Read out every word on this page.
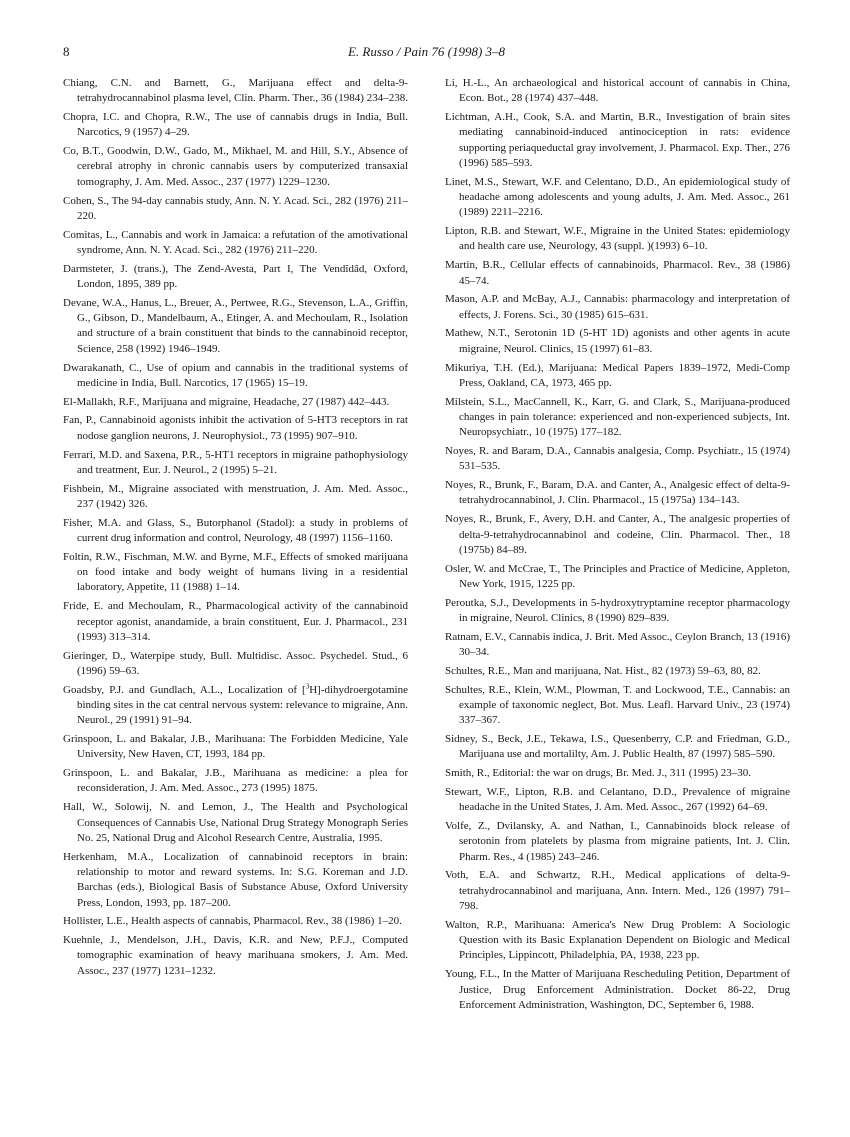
8	E. Russo / Pain 76 (1998) 3–8

Chiang, C.N. and Barnett, G., Marijuana effect and delta-9-tetrahydrocannabinol plasma level, Clin. Pharm. Ther., 36 (1984) 234–238.

Chopra, I.C. and Chopra, R.W., The use of cannabis drugs in India, Bull. Narcotics, 9 (1957) 4–29.

Co, B.T., Goodwin, D.W., Gado, M., Mikhael, M. and Hill, S.Y., Absence of cerebral atrophy in chronic cannabis users by computerized transaxial tomography, J. Am. Med. Assoc., 237 (1977) 1229–1230.

Cohen, S., The 94-day cannabis study, Ann. N. Y. Acad. Sci., 282 (1976) 211–220.

Comitas, L., Cannabis and work in Jamaica: a refutation of the amotivational syndrome, Ann. N. Y. Acad. Sci., 282 (1976) 211–220.

Darmsteter, J. (trans.), The Zend-Avesta, Part I, The Vendîdâd, Oxford, London, 1895, 389 pp.

Devane, W.A., Hanus, L., Breuer, A., Pertwee, R.G., Stevenson, L.A., Griffin, G., Gibson, D., Mandelbaum, A., Etinger, A. and Mechoulam, R., Isolation and structure of a brain constituent that binds to the cannabinoid receptor, Science, 258 (1992) 1946–1949.

Dwarakanath, C., Use of opium and cannabis in the traditional systems of medicine in India, Bull. Narcotics, 17 (1965) 15–19.

El-Mallakh, R.F., Marijuana and migraine, Headache, 27 (1987) 442–443.

Fan, P., Cannabinoid agonists inhibit the activation of 5-HT3 receptors in rat nodose ganglion neurons, J. Neurophysiol., 73 (1995) 907–910.

Ferrari, M.D. and Saxena, P.R., 5-HT1 receptors in migraine pathophysiology and treatment, Eur. J. Neurol., 2 (1995) 5–21.

Fishbein, M., Migraine associated with menstruation, J. Am. Med. Assoc., 237 (1942) 326.

Fisher, M.A. and Glass, S., Butorphanol (Stadol): a study in problems of current drug information and control, Neurology, 48 (1997) 1156–1160.

Foltin, R.W., Fischman, M.W. and Byrne, M.F., Effects of smoked marijuana on food intake and body weight of humans living in a residential laboratory, Appetite, 11 (1988) 1–14.

Fride, E. and Mechoulam, R., Pharmacological activity of the cannabinoid receptor agonist, anandamide, a brain constituent, Eur. J. Pharmacol., 231 (1993) 313–314.

Gieringer, D., Waterpipe study, Bull. Multidisc. Assoc. Psychedel. Stud., 6 (1996) 59–63.

Goadsby, P.J. and Gundlach, A.L., Localization of [$^3$H]-dihydroergotamine binding sites in the cat central nervous system: relevance to migraine, Ann. Neurol., 29 (1991) 91–94.

Grinspoon, L. and Bakalar, J.B., Marihuana: The Forbidden Medicine, Yale University, New Haven, CT, 1993, 184 pp.

Grinspoon, L. and Bakalar, J.B., Marihuana as medicine: a plea for reconsideration, J. Am. Med. Assoc., 273 (1995) 1875.

Hall, W., Solowij, N. and Lemon, J., The Health and Psychological Consequences of Cannabis Use, National Drug Strategy Monograph Series No. 25, National Drug and Alcohol Research Centre, Australia, 1995.

Herkenham, M.A., Localization of cannabinoid receptors in brain: relationship to motor and reward systems. In: S.G. Koreman and J.D. Barchas (eds.), Biological Basis of Substance Abuse, Oxford University Press, London, 1993, pp. 187–200.

Hollister, L.E., Health aspects of cannabis, Pharmacol. Rev., 38 (1986) 1–20.

Kuehnle, J., Mendelson, J.H., Davis, K.R. and New, P.F.J., Computed tomographic examination of heavy marihuana smokers, J. Am. Med. Assoc., 237 (1977) 1231–1232.

Li, H.-L., An archaeological and historical account of cannabis in China, Econ. Bot., 28 (1974) 437–448.

Lichtman, A.H., Cook, S.A. and Martin, B.R., Investigation of brain sites mediating cannabinoid-induced antinociception in rats: evidence supporting periaqueductal gray involvement, J. Pharmacol. Exp. Ther., 276 (1996) 585–593.

Linet, M.S., Stewart, W.F. and Celentano, D.D., An epidemiological study of headache among adolescents and young adults, J. Am. Med. Assoc., 261 (1989) 2211–2216.

Lipton, R.B. and Stewart, W.F., Migraine in the United States: epidemiology and health care use, Neurology, 43 (suppl. )(1993) 6–10.

Martin, B.R., Cellular effects of cannabinoids, Pharmacol. Rev., 38 (1986) 45–74.

Mason, A.P. and McBay, A.J., Cannabis: pharmacology and interpretation of effects, J. Forens. Sci., 30 (1985) 615–631.

Mathew, N.T., Serotonin 1D (5-HT 1D) agonists and other agents in acute migraine, Neurol. Clinics, 15 (1997) 61–83.

Mikuriya, T.H. (Ed.), Marijuana: Medical Papers 1839–1972, Medi-Comp Press, Oakland, CA, 1973, 465 pp.

Milstein, S.L., MacCannell, K., Karr, G. and Clark, S., Marijuana-produced changes in pain tolerance: experienced and non-experienced subjects, Int. Neuropsychiatr., 10 (1975) 177–182.

Noyes, R. and Baram, D.A., Cannabis analgesia, Comp. Psychiatr., 15 (1974) 531–535.

Noyes, R., Brunk, F., Baram, D.A. and Canter, A., Analgesic effect of delta-9-tetrahydrocannabinol, J. Clin. Pharmacol., 15 (1975a) 134–143.

Noyes, R., Brunk, F., Avery, D.H. and Canter, A., The analgesic properties of delta-9-tetrahydrocannabinol and codeine, Clin. Pharmacol. Ther., 18 (1975b) 84–89.

Osler, W. and McCrae, T., The Principles and Practice of Medicine, Appleton, New York, 1915, 1225 pp.

Peroutka, S.J., Developments in 5-hydroxytryptamine receptor pharmacology in migraine, Neurol. Clinics, 8 (1990) 829–839.

Ratnam, E.V., Cannabis indica, J. Brit. Med Assoc., Ceylon Branch, 13 (1916) 30–34.

Schultes, R.E., Man and marijuana, Nat. Hist., 82 (1973) 59–63, 80, 82.

Schultes, R.E., Klein, W.M., Plowman, T. and Lockwood, T.E., Cannabis: an example of taxonomic neglect, Bot. Mus. Leafl. Harvard Univ., 23 (1974) 337–367.

Sidney, S., Beck, J.E., Tekawa, I.S., Quesenberry, C.P. and Friedman, G.D., Marijuana use and mortalilty, Am. J. Public Health, 87 (1997) 585–590.

Smith, R., Editorial: the war on drugs, Br. Med. J., 311 (1995) 23–30.

Stewart, W.F., Lipton, R.B. and Celantano, D.D., Prevalence of migraine headache in the United States, J. Am. Med. Assoc., 267 (1992) 64–69.

Volfe, Z., Dvilansky, A. and Nathan, I., Cannabinoids block release of serotonin from platelets by plasma from migraine patients, Int. J. Clin. Pharm. Res., 4 (1985) 243–246.

Voth, E.A. and Schwartz, R.H., Medical applications of delta-9-tetrahydrocannabinol and marijuana, Ann. Intern. Med., 126 (1997) 791–798.

Walton, R.P., Marihuana: America's New Drug Problem: A Sociologic Question with its Basic Explanation Dependent on Biologic and Medical Principles, Lippincott, Philadelphia, PA, 1938, 223 pp.

Young, F.L., In the Matter of Marijuana Rescheduling Petition, Department of Justice, Drug Enforcement Administration. Docket 86-22, Drug Enforcement Administration, Washington, DC, September 6, 1988.
